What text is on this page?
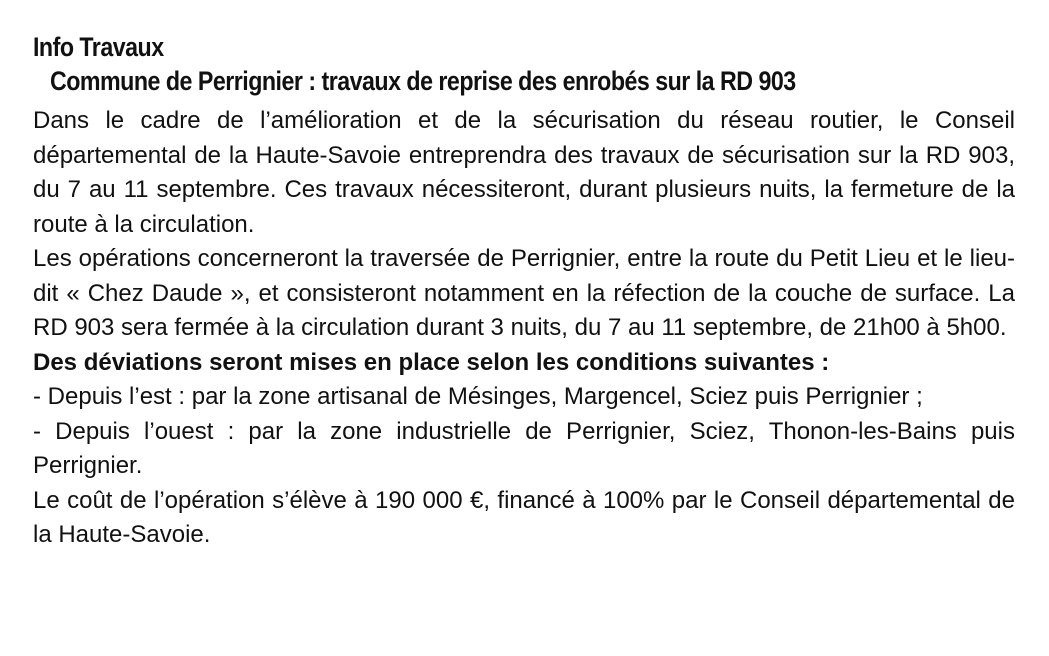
Info Travaux
Commune de Perrignier : travaux de reprise des enrobés sur la RD 903

Dans le cadre de l’amélioration et de la sécurisation du réseau routier, le Conseil départemental de la Haute-Savoie entreprendra des travaux de sécurisation sur la RD 903, du 7 au 11 septembre. Ces travaux nécessiteront, durant plusieurs nuits, la fermeture de la route à la circulation.

Les opérations concerneront la traversée de Perrignier, entre la route du Petit Lieu et le lieu-dit « Chez Daude », et consisteront notamment en la réfection de la couche de surface. La RD 903 sera fermée à la circulation durant 3 nuits, du 7 au 11 septembre, de 21h00 à 5h00.

Des déviations seront mises en place selon les conditions suivantes :

- Depuis l’est : par la zone artisanal de Mésinges, Margencel, Sciez puis Perrignier ;

- Depuis l’ouest : par la zone industrielle de Perrignier, Sciez, Thonon-les-Bains puis Perrignier.

Le coût de l’opération s’élève à 190 000 €, financé à 100% par le Conseil départemental de la Haute-Savoie.
